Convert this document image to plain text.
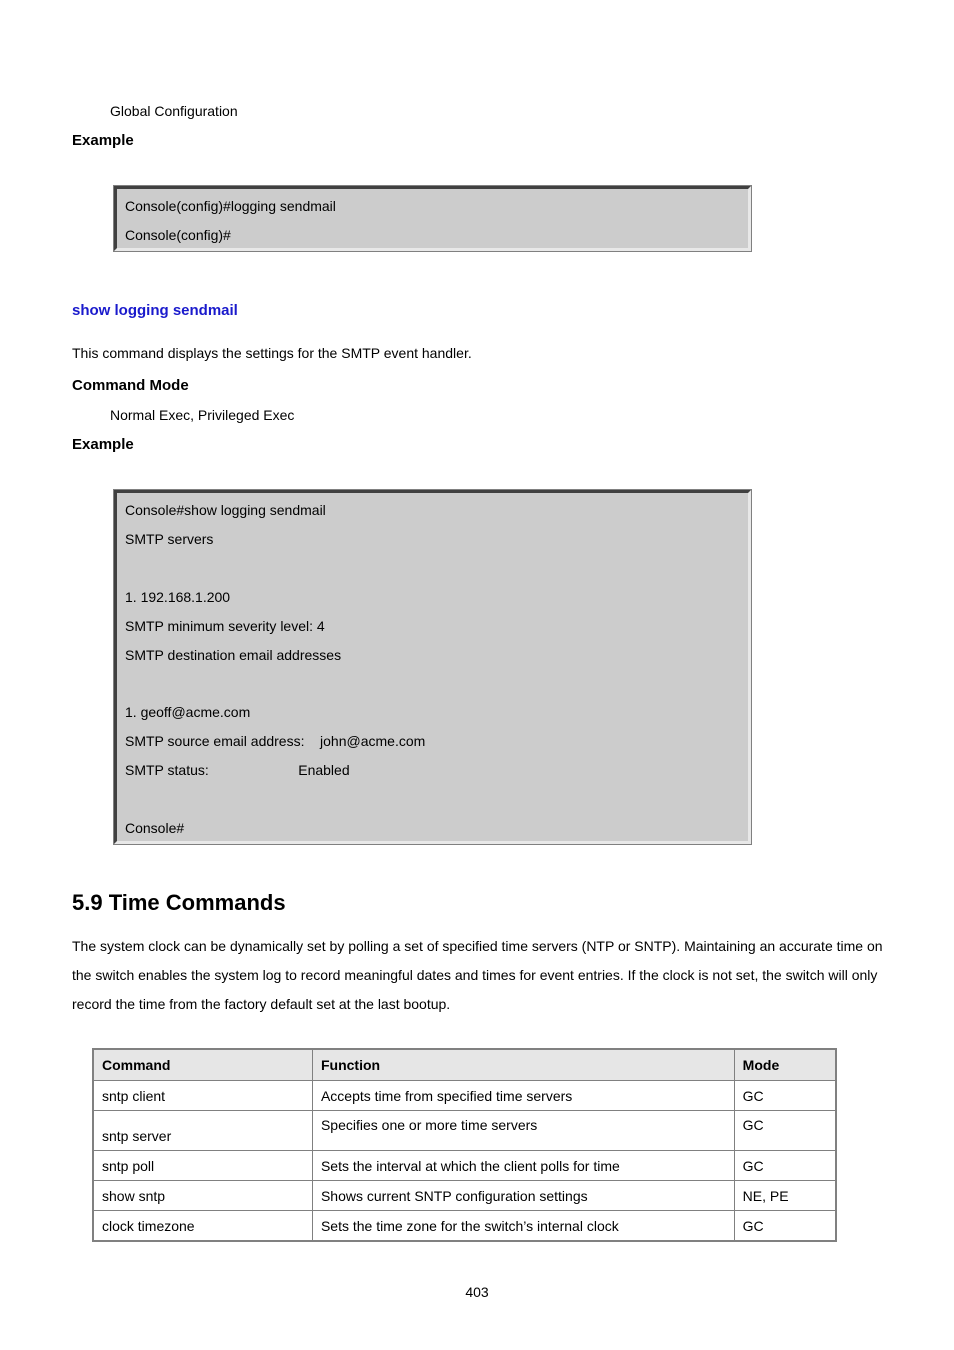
Global Configuration
Example
Console(config)#logging sendmail
Console(config)#
show logging sendmail
This command displays the settings for the SMTP event handler.
Command Mode
Normal Exec, Privileged Exec
Example
Console#show logging sendmail
SMTP servers
1. 192.168.1.200
SMTP minimum severity level: 4
SMTP destination email addresses
1. geoff@acme.com
SMTP source email address:    john@acme.com
SMTP status:                       Enabled
Console#
5.9 Time Commands
The system clock can be dynamically set by polling a set of specified time servers (NTP or SNTP). Maintaining an accurate time on the switch enables the system log to record meaningful dates and times for event entries. If the clock is not set, the switch will only record the time from the factory default set at the last bootup.
Command	Function	Mode
sntp client	Accepts time from specified time servers	GC
sntp server	Specifies one or more time servers	GC
sntp poll	Sets the interval at which the client polls for time	GC
show sntp	Shows current SNTP configuration settings	NE, PE
clock timezone	Sets the time zone for the switch’s internal clock	GC
403
